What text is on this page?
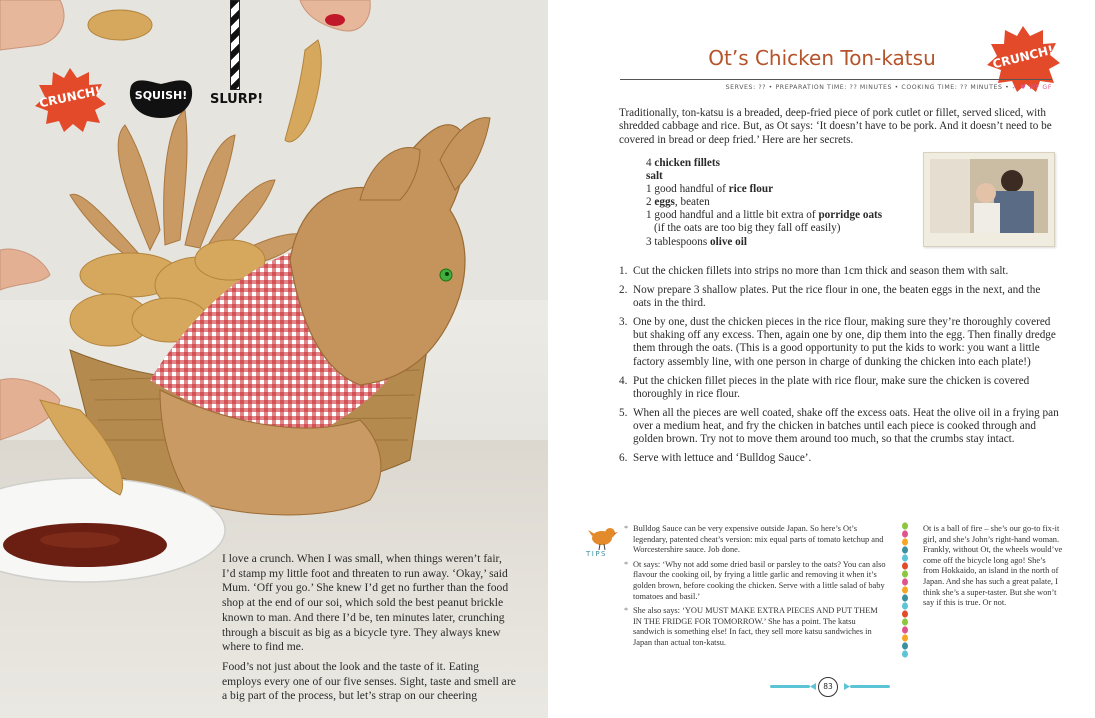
CRUNCH!	SQUISH!	SLURP!

I love a crunch. When I was small, when things weren’t fair, I’d stamp my little foot and threaten to run away. ‘Okay,’ said Mum. ‘Off you go.’ She knew I’d get no further than the food shop at the end of our soi, which sold the best peanut brickle known to man. And there I’d be, ten minutes later, crunching through a biscuit as big as a bicycle tyre. They always knew where to find me.

Food’s not just about the look and the taste of it. Eating employs every one of our five senses. Sight, taste and smell are a big part of the process, but let’s strap on our cheering

Ot’s Chicken Ton-katsu	CRUNCH!
SERVES: ?? • PREPARATION TIME: ?? MINUTES • COOKING TIME: ?? MINUTES • ✓ ♥ WF GF

Traditionally, ton-katsu is a breaded, deep-fried piece of pork cutlet or fillet, served sliced, with shredded cabbage and rice. But, as Ot says: ‘It doesn’t have to be pork. And it doesn’t need to be covered in bread or deep fried.’ Here are her secrets.

4 chicken fillets
salt
1 good handful of rice flour
2 eggs, beaten
1 good handful and a little bit extra of porridge oats
(if the oats are too big they fall off easily)
3 tablespoons olive oil
1. Cut the chicken fillets into strips no more than 1cm thick and season them with salt.
2. Now prepare 3 shallow plates. Put the rice flour in one, the beaten eggs in the next, and the oats in the third.
3. One by one, dust the chicken pieces in the rice flour, making sure they’re thoroughly covered but shaking off any excess. Then, again one by one, dip them into the egg. Then finally dredge them through the oats. (This is a good opportunity to put the kids to work: you want a little factory assembly line, with one person in charge of dunking the chicken into each plate!)
4. Put the chicken fillet pieces in the plate with rice flour, make sure the chicken is covered thoroughly in rice flour.
5. When all the pieces are well coated, shake off the excess oats. Heat the olive oil in a frying pan over a medium heat, and fry the chicken in batches until each piece is cooked through and golden brown. Try not to move them around too much, so that the crumbs stay intact.
6. Serve with lettuce and ‘Bulldog Sauce’.
TIPS
* Bulldog Sauce can be very expensive outside Japan. So here’s Ot’s legendary, patented cheat’s version: mix equal parts of tomato ketchup and Worcestershire sauce. Job done.
* Ot says: ‘Why not add some dried basil or parsley to the oats? You can also flavour the cooking oil, by frying a little garlic and removing it when it’s golden brown, before cooking the chicken. Serve with a little salad of baby tomatoes and basil.’
* She also says: ‘YOU MUST MAKE EXTRA PIECES AND PUT THEM IN THE FRIDGE FOR TOMORROW.’ She has a point. The katsu sandwich is something else! In fact, they sell more katsu sandwiches in Japan than actual ton-katsu.

Ot is a ball of fire – she’s our go-to fix-it girl, and she’s John’s right-hand woman. Frankly, without Ot, the wheels would’ve come off the bicycle long ago! She’s from Hokkaido, an island in the north of Japan. And she has such a great palate, I think she’s a super-taster. But she won’t say if this is true. Or not.

83
